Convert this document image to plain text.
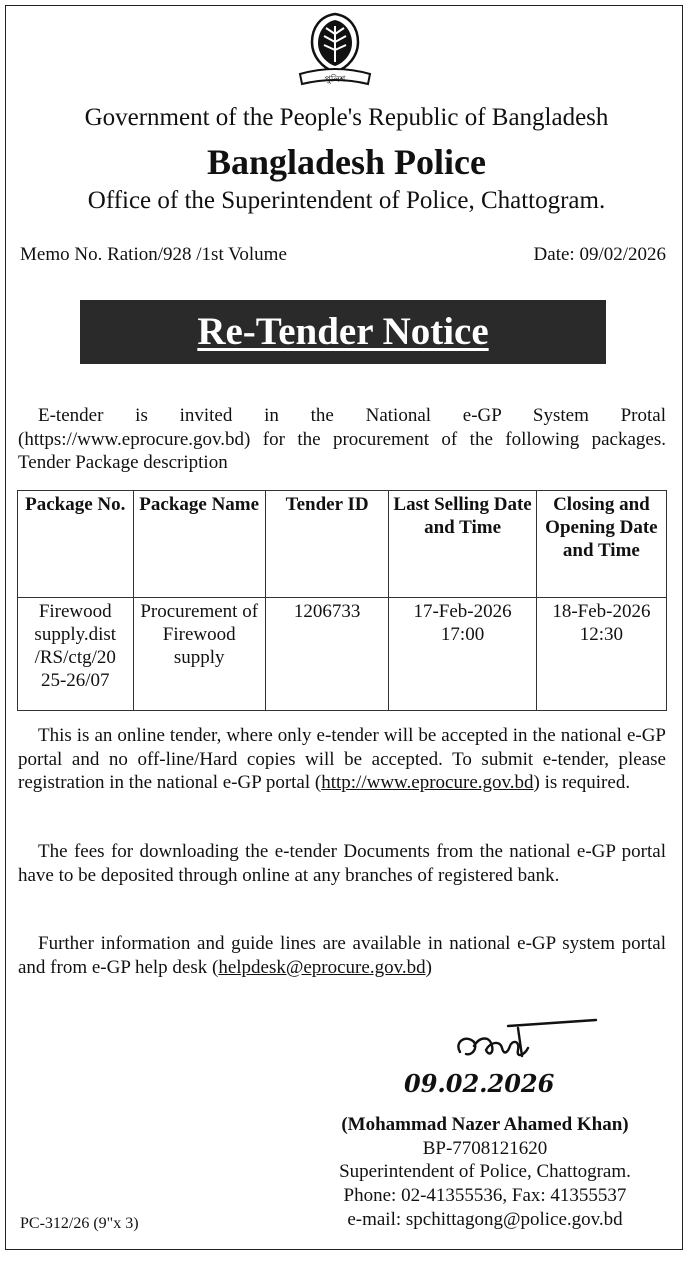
পুলিশ
Government of the People's Republic of Bangladesh
Bangladesh Police
Office of the Superintendent of Police, Chattogram.
Memo No. Ration/928 /1st Volume	Date: 09/02/2026
Re-Tender Notice
E-tender is invited in the National e-GP System Protal (https://www.eprocure.gov.bd) for the procurement of the following packages. Tender Package description
Package No.	Package Name	Tender ID	Last Selling Date and Time	Closing and Opening Date and Time
Firewood supply.dist /RS/ctg/20 25-26/07	Procurement of Firewood supply	1206733	17-Feb-2026 17:00	18-Feb-2026 12:30
This is an online tender, where only e-tender will be accepted in the national e-GP portal and no off-line/Hard copies will be accepted. To submit e-tender, please registration in the national e-GP portal (http://www.eprocure.gov.bd) is required.
The fees for downloading the e-tender Documents from the national e-GP portal have to be deposited through online at any branches of registered bank.
Further information and guide lines are available in national e-GP system portal and from e-GP help desk (helpdesk@eprocure.gov.bd)
09.02.2026
(Mohammad Nazer Ahamed Khan)
BP-7708121620
Superintendent of Police, Chattogram.
Phone: 02-41355536, Fax: 41355537
e-mail: spchittagong@police.gov.bd
PC-312/26 (9"x 3)
